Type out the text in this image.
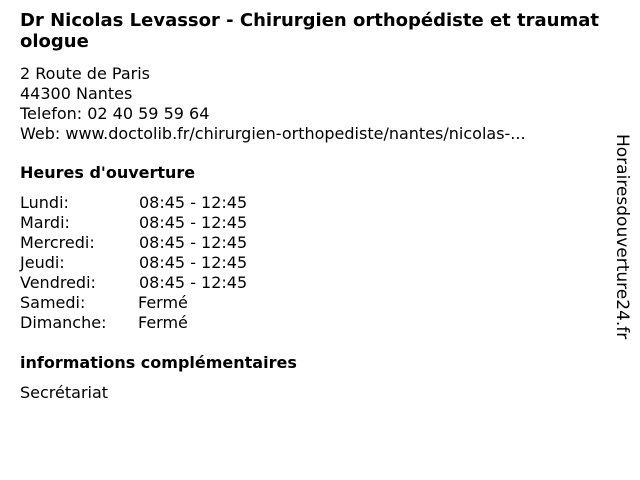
Dr Nicolas Levassor - Chirurgien orthopédiste et traumatologue
2 Route de Paris
44300 Nantes
Telefon: 02 40 59 59 64
Web: www.doctolib.fr/chirurgien-orthopediste/nantes/nicolas-...
Heures d'ouverture
Lundi:	08:45 - 12:45
Mardi:	08:45 - 12:45
Mercredi:	08:45 - 12:45
Jeudi:	08:45 - 12:45
Vendredi:	08:45 - 12:45
Samedi:	Fermé
Dimanche:	Fermé
informations complémentaires
Secrétariat
Horairesdouverture24.fr
